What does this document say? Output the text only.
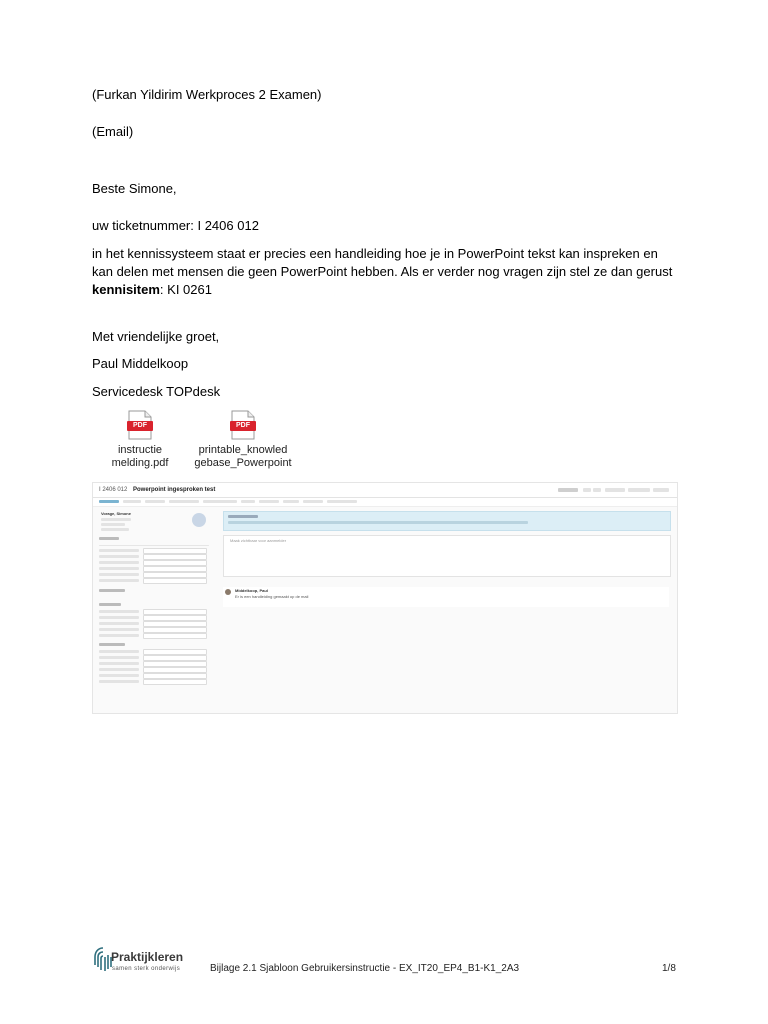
(Furkan Yildirim Werkproces 2 Examen)
(Email)
Beste Simone,
uw ticketnummer: I 2406 012
in het kennissysteem staat er precies een handleiding hoe je in PowerPoint tekst kan inspreken en kan delen met mensen die geen PowerPoint hebben. Als er verder nog vragen zijn stel ze dan gerust kennisitem: KI 0261
Met vriendelijke groet,
Paul Middelkoop
Servicedesk TOPdesk
PDF

instructie
melding.pdf
PDF

printable_knowled
gebase_Powerpoint
I 2406 012 Powerpoint ingesproken test
Vorage, Simone
Maak zichtbaar voor aanmelder
Middelkoop, Paul
Er is een handleiding gemaakt op de mail
Praktijkleren
samen sterk onderwijs	Bijlage 2.1 Sjabloon Gebruikersinstructie - EX_IT20_EP4_B1-K1_2A3	1/8
